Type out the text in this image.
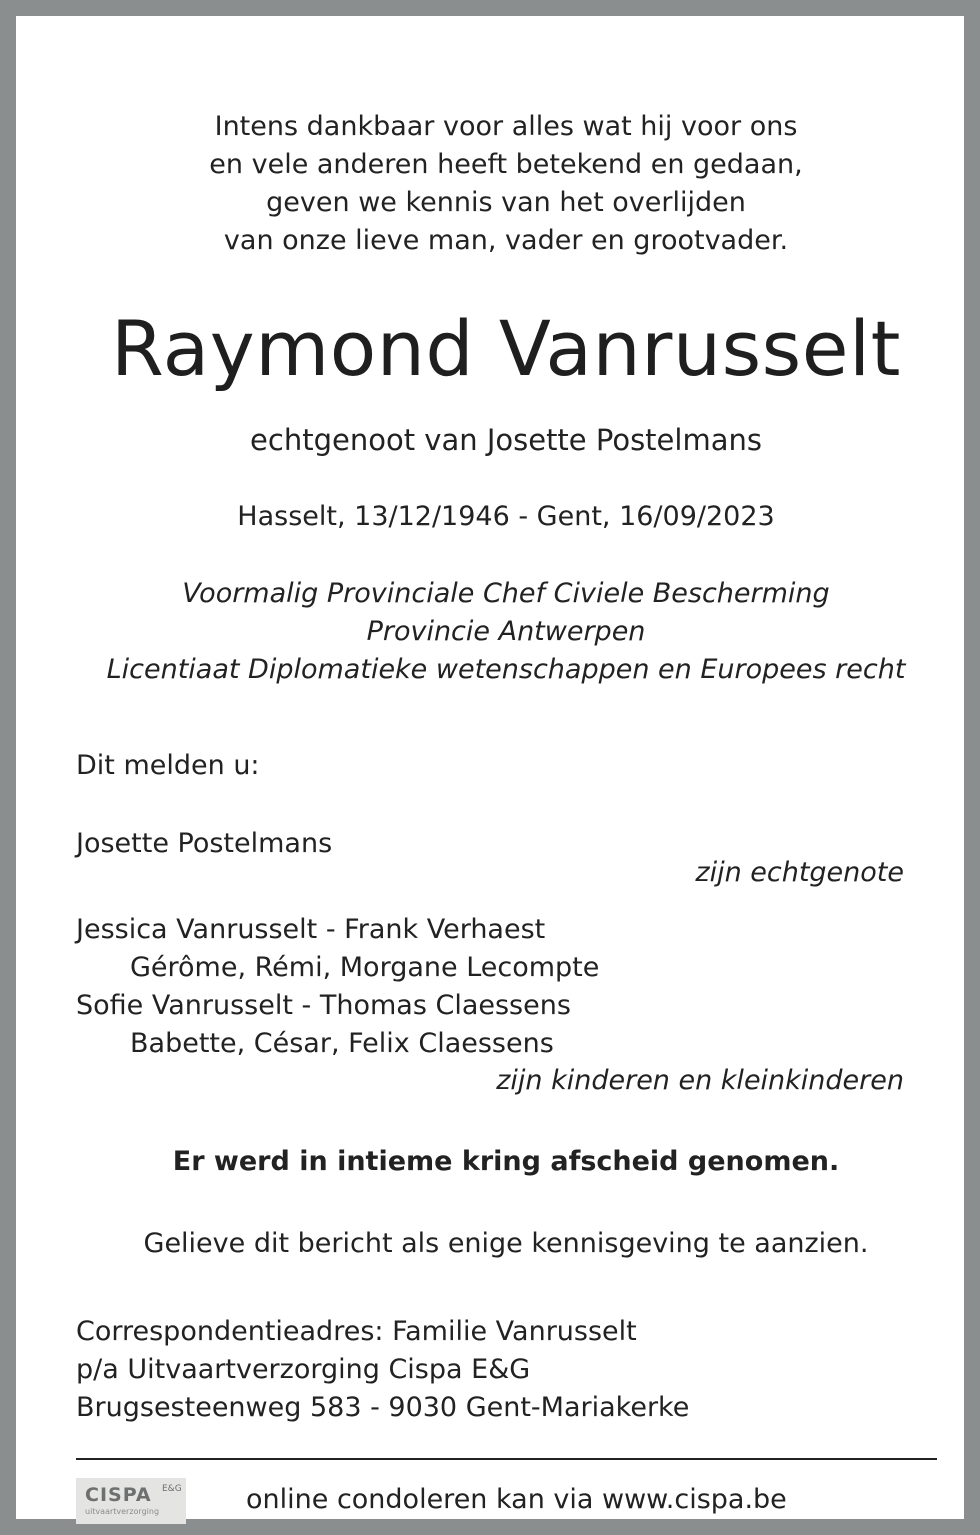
Intens dankbaar voor alles wat hij voor ons
en vele anderen heeft betekend en gedaan,
geven we kennis van het overlijden
van onze lieve man, vader en grootvader.
Raymond Vanrusselt
echtgenoot van Josette Postelmans
Hasselt, 13/12/1946 - Gent, 16/09/2023
Voormalig Provinciale Chef Civiele Bescherming
Provincie Antwerpen
Licentiaat Diplomatieke wetenschappen en Europees recht
Dit melden u:
Josette Postelmans
zijn echtgenote
Jessica Vanrusselt - Frank Verhaest
Gérôme, Rémi, Morgane Lecompte
Sofie Vanrusselt - Thomas Claessens
Babette, César, Felix Claessens
zijn kinderen en kleinkinderen
Er werd in intieme kring afscheid genomen.
Gelieve dit bericht als enige kennisgeving te aanzien.
Correspondentieadres: Familie Vanrusselt
p/a Uitvaartverzorging Cispa E&G
Brugsesteenweg 583 - 9030 Gent-Mariakerke
CISPA E&G
uitvaartverzorging	online condoleren kan via www.cispa.be
